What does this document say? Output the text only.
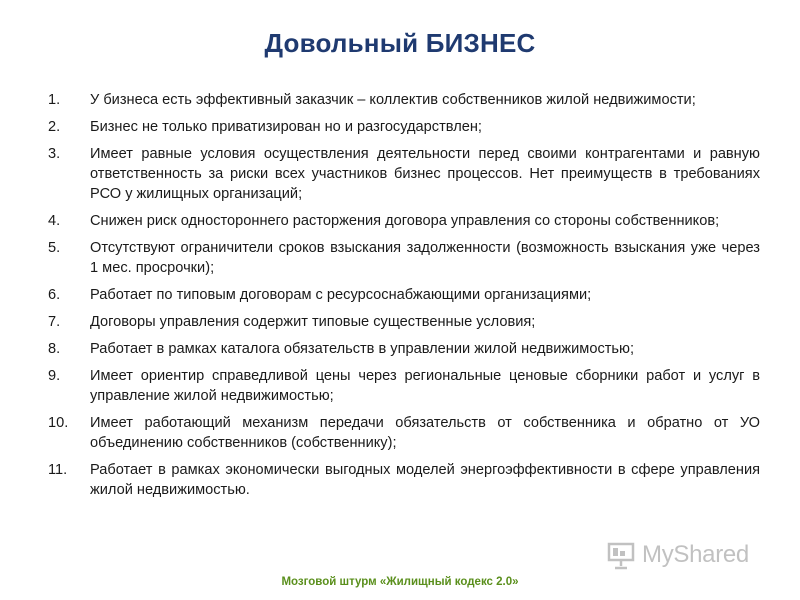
Довольный БИЗНЕС
1.	У бизнеса есть эффективный заказчик – коллектив собственников жилой недвижимости;
2.	Бизнес не только приватизирован но и разгосударствлен;
3.	Имеет равные условия осуществления деятельности перед своими контрагентами и равную ответственность за риски всех участников бизнес процессов. Нет преимуществ в требованиях РСО у жилищных организаций;
4.	Снижен риск одностороннего расторжения договора управления со стороны собственников;
5.	Отсутствуют ограничители сроков взыскания задолженности (возможность взыскания уже через 1 мес. просрочки);
6.	Работает по типовым договорам с ресурсоснабжающими организациями;
7.	Договоры управления содержит типовые существенные условия;
8.	Работает в рамках каталога обязательств в управлении жилой недвижимостью;
9.	Имеет ориентир справедливой цены через региональные ценовые сборники работ и услуг в управление жилой недвижимостью;
10.	Имеет работающий механизм передачи обязательств от собственника и обратно от УО объединению собственников (собственнику);
11.	Работает в рамках экономически выгодных моделей энергоэффективности в сфере управления жилой недвижимостью.
MyShared
Мозговой штурм «Жилищный кодекс 2.0»
